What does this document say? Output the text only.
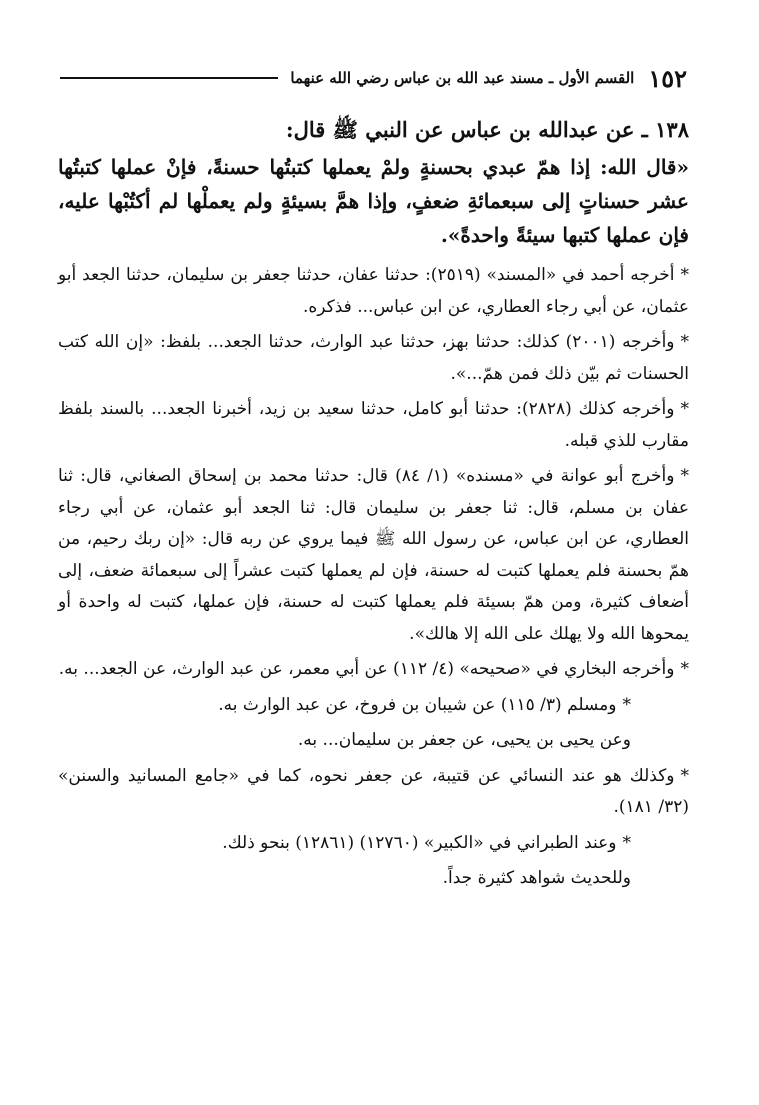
١٥٢
القسم الأول ـ مسند عبد الله بن عباس رضي الله عنهما

١٣٨ ـ عن عبدالله بن عباس عن النبي ﷺ قال:

«قال الله: إذا همّ عبدي بحسنةٍ ولمْ يعملها كتبتُها حسنةً، فإنْ عملها كتبتُها عشر حسناتٍ إلى سبعمائةِ ضعفٍ، وإذا همَّ بسيئةٍ ولم يعملْها لم أكتُبْها عليه، فإن عملها كتبها سيئةً واحدةً».

*أخرجه أحمد في «المسند» (٢٥١٩): حدثنا عفان، حدثنا جعفر بن سليمان، حدثنا الجعد أبو عثمان، عن أبي رجاء العطاري، عن ابن عباس... فذكره.

*وأخرجه (٢٠٠١) كذلك: حدثنا بهز، حدثنا عبد الوارث، حدثنا الجعد... بلفظ: «إن الله كتب الحسنات ثم بيّن ذلك فمن همّ...».

*وأخرجه كذلك (٢٨٢٨): حدثنا أبو كامل، حدثنا سعيد بن زيد، أخبرنا الجعد... بالسند بلفظ مقارب للذي قبله.

*وأخرج أبو عوانة في «مسنده» (١/ ٨٤) قال: حدثنا محمد بن إسحاق الصغاني، قال: ثنا عفان بن مسلم، قال: ثنا جعفر بن سليمان قال: ثنا الجعد أبو عثمان، عن أبي رجاء العطاري، عن ابن عباس، عن رسول الله ﷺ فيما يروي عن ربه قال: «إن ربك رحيم، من همّ بحسنة فلم يعملها كتبت له حسنة، فإن لم يعملها كتبت عشراً إلى سبعمائة ضعف، إلى أضعاف كثيرة، ومن همّ بسيئة فلم يعملها كتبت له حسنة، فإن عملها، كتبت له واحدة أو يمحوها الله ولا يهلك على الله إلا هالك».

*وأخرجه البخاري في «صحيحه» (٤/ ١١٢) عن أبي معمر، عن عبد الوارث، عن الجعد... به.

*ومسلم (٣/ ١١٥) عن شيبان بن فروخ، عن عبد الوارث به.

وعن يحيى بن يحيى، عن جعفر بن سليمان... به.

*وكذلك هو عند النسائي عن قتيبة، عن جعفر نحوه، كما في «جامع المسانيد والسنن» (٣٢/ ١٨١).

*وعند الطبراني في «الكبير» (١٢٧٦٠) (١٢٨٦١) بنحو ذلك.

وللحديث شواهد كثيرة جداً.
